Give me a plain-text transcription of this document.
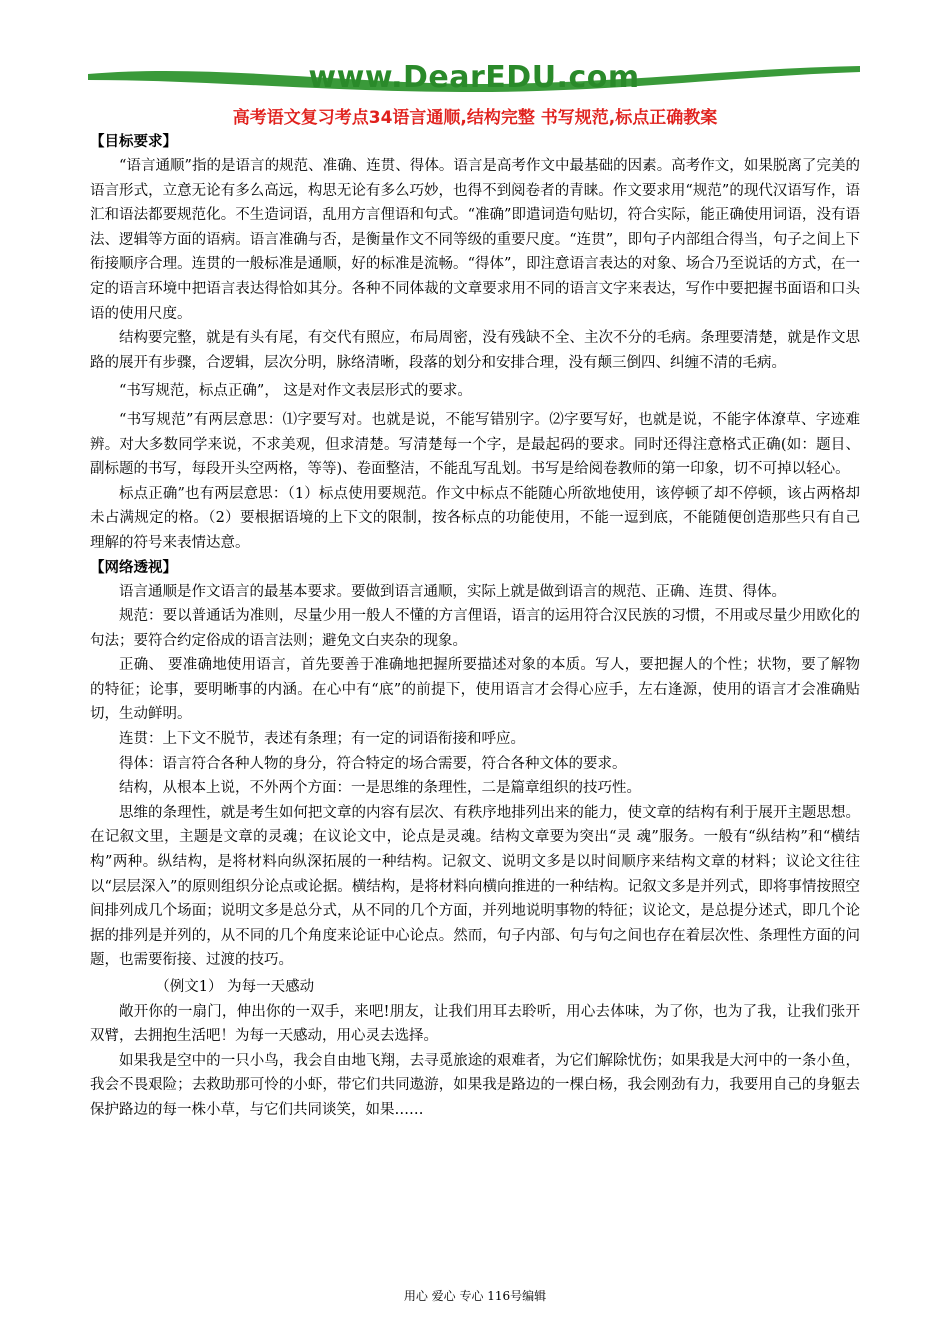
www.DearEDU.com
高考语文复习考点34语言通顺,结构完整 书写规范,标点正确教案
【目标要求】

“语言通顺”指的是语言的规范、准确、连贯、得体。语言是高考作文中最基础的因素。高考作文，如果脱离了完美的语言形式，立意无论有多么高远，构思无论有多么巧妙，也得不到阅卷者的青睐。作文要求用“规范”的现代汉语写作，语汇和语法都要规范化。不生造词语，乱用方言俚语和句式。“准确”即遣词造句贴切，符合实际，能正确使用词语，没有语法、逻辑等方面的语病。语言准确与否，是衡量作文不同等级的重要尺度。“连贯”，即句子内部组合得当，句子之间上下衔接顺序合理。连贯的一般标准是通顺，好的标准是流畅。“得体”，即注意语言表达的对象、场合乃至说话的方式，在一定的语言环境中把语言表达得恰如其分。各种不同体裁的文章要求用不同的语言文字来表达，写作中要把握书面语和口头语的使用尺度。

结构要完整，就是有头有尾，有交代有照应，布局周密，没有残缺不全、主次不分的毛病。条理要清楚，就是作文思路的展开有步骤，合逻辑，层次分明，脉络清晰，段落的划分和安排合理，没有颠三倒四、纠缠不清的毛病。

“书写规范，标点正确”， 这是对作文表层形式的要求。

“书写规范”有两层意思：⑴字要写对。也就是说，不能写错别字。⑵字要写好，也就是说，不能字体潦草、字迹难辨。对大多数同学来说，不求美观，但求清楚。写清楚每一个字，是最起码的要求。同时还得注意格式正确(如：题目、副标题的书写，每段开头空两格，等等)、卷面整洁，不能乱写乱划。书写是给阅卷教师的第一印象，切不可掉以轻心。

标点正确”也有两层意思：（1）标点使用要规范。作文中标点不能随心所欲地使用，该停顿了却不停顿，该占两格却未占满规定的格。（2）要根据语境的上下文的限制，按各标点的功能使用，不能一逗到底，不能随便创造那些只有自己理解的符号来表情达意。

【网络透视】

语言通顺是作文语言的最基本要求。要做到语言通顺，实际上就是做到语言的规范、正确、连贯、得体。

规范：要以普通话为准则，尽量少用一般人不懂的方言俚语，语言的运用符合汉民族的习惯，不用或尽量少用欧化的句法；要符合约定俗成的语言法则；避免文白夹杂的现象。

正确、 要准确地使用语言，首先要善于准确地把握所要描述对象的本质。写人，要把握人的个性；状物，要了解物的特征；论事，要明晰事的内涵。在心中有“底”的前提下，使用语言才会得心应手，左右逢源，使用的语言才会准确贴切，生动鲜明。

连贯：上下文不脱节，表述有条理；有一定的词语衔接和呼应。

得体：语言符合各种人物的身分，符合特定的场合需要，符合各种文体的要求。

结构，从根本上说，不外两个方面：一是思维的条理性，二是篇章组织的技巧性。

思维的条理性，就是考生如何把文章的内容有层次、有秩序地排列出来的能力，使文章的结构有利于展开主题思想。在记叙文里，主题是文章的灵魂；在议论文中，论点是灵魂。结构文章要为突出“灵 魂”服务。一般有“纵结构”和“横结构”两种。纵结构，是将材料向纵深拓展的一种结构。记叙文、说明文多是以时间顺序来结构文章的材料；议论文往往以“层层深入”的原则组织分论点或论据。横结构，是将材料向横向推进的一种结构。记叙文多是并列式，即将事情按照空间排列成几个场面；说明文多是总分式，从不同的几个方面，并列地说明事物的特征；议论文，是总提分述式，即几个论据的排列是并列的，从不同的几个角度来论证中心论点。然而，句子内部、句与句之间也存在着层次性、条理性方面的问题，也需要衔接、过渡的技巧。

（例文1） 为每一天感动

敞开你的一扇门，伸出你的一双手，来吧!朋友，让我们用耳去聆听，用心去体味，为了你，也为了我，让我们张开双臂，去拥抱生活吧！为每一天感动，用心灵去选择。

如果我是空中的一只小鸟，我会自由地飞翔，去寻觅旅途的艰难者，为它们解除忧伤；如果我是大河中的一条小鱼，我会不畏艰险；去救助那可怜的小虾，带它们共同遨游，如果我是路边的一棵白杨，我会刚劲有力，我要用自己的身躯去保护路边的每一株小草，与它们共同谈笑，如果……

用心 爱心 专心 116号编辑
